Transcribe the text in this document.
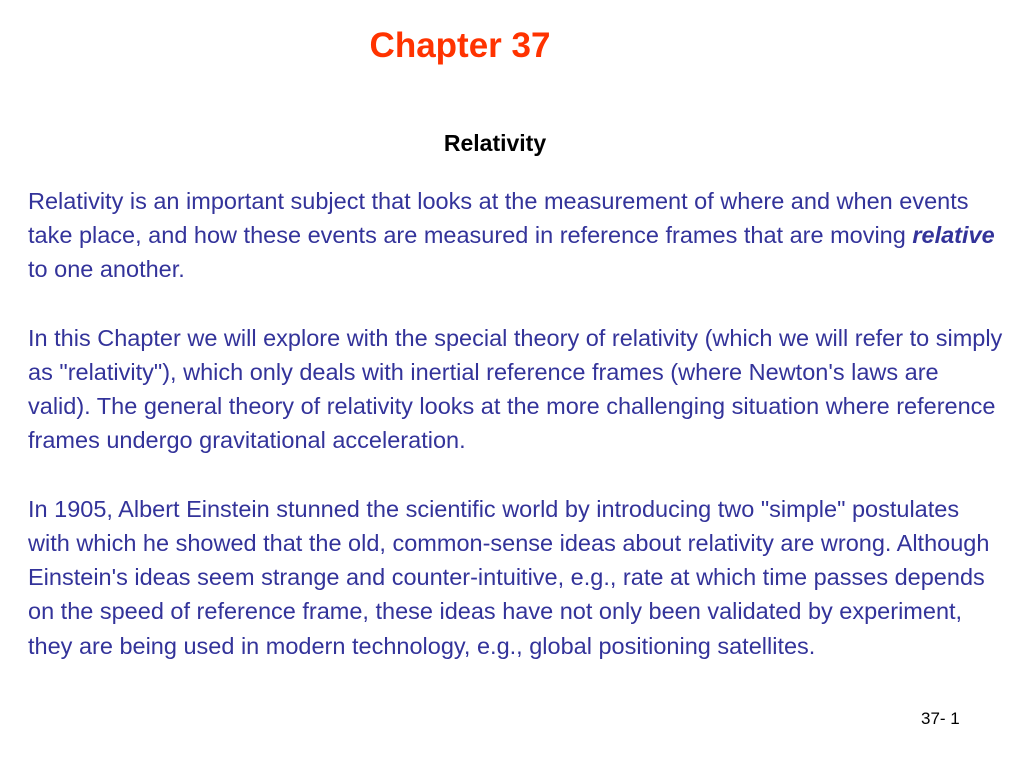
Chapter 37
Relativity

Relativity is an important subject that looks at the measurement of where and when events take place, and how these events are measured in reference frames that are moving relative to one another.

In this Chapter we will explore with the special theory of relativity (which we will refer to simply as "relativity"), which only deals with inertial reference frames (where Newton's laws are valid). The general theory of relativity looks at the more challenging situation where reference frames undergo gravitational acceleration.

In 1905, Albert Einstein stunned the scientific world by introducing two "simple" postulates with which he showed that the old, common-sense ideas about relativity are wrong. Although Einstein's ideas seem strange and counter-intuitive, e.g., rate at which time passes depends on the speed of reference frame, these ideas have not only been validated by experiment, they are being used in modern technology, e.g., global positioning satellites.

37- 1
